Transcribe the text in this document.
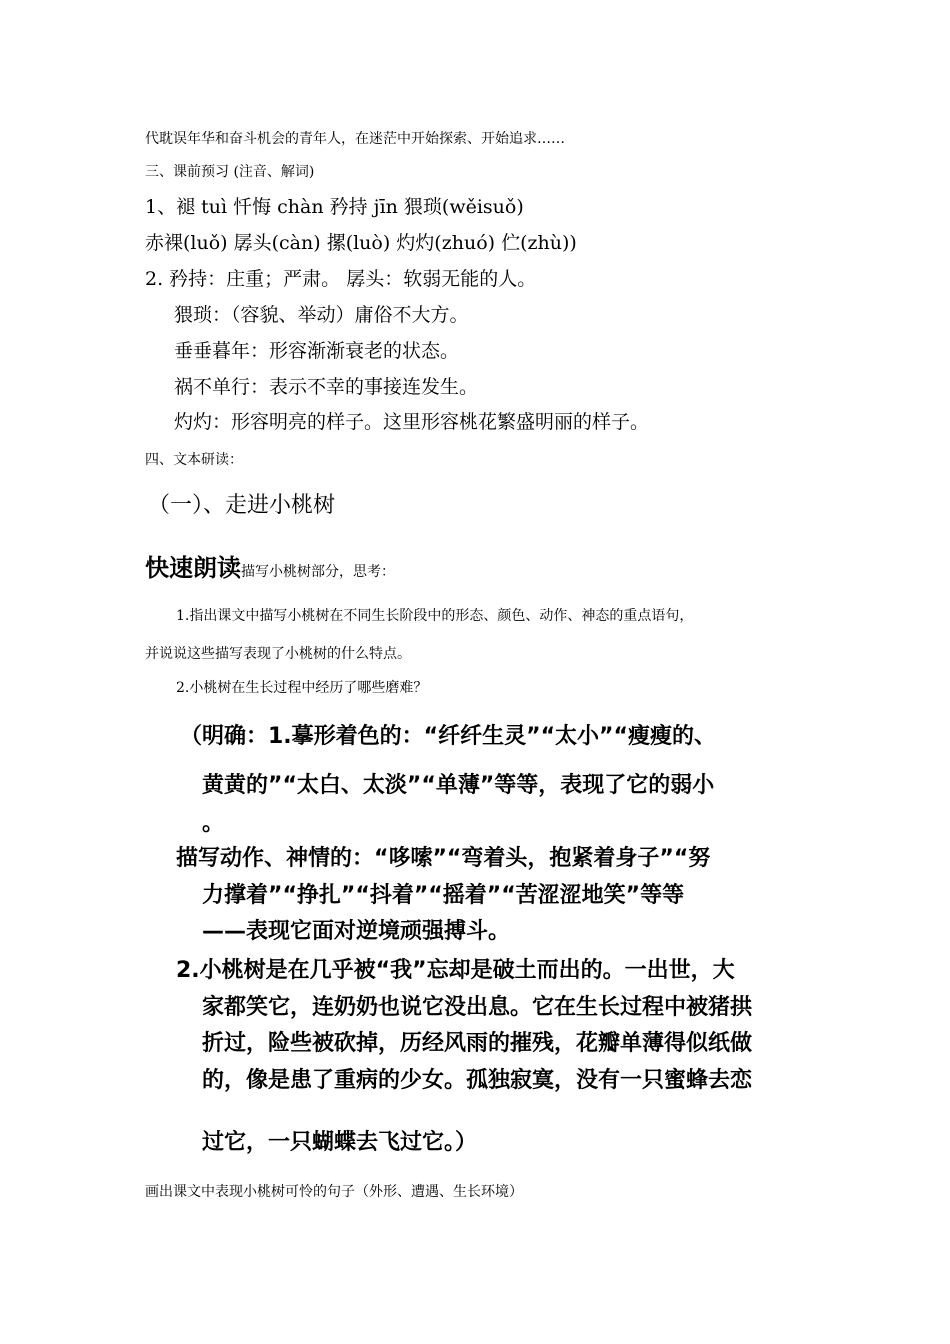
代耽误年华和奋斗机会的青年人，在迷茫中开始探索、开始追求……

三、课前预习 (注音、解词)

1、褪 tuì 忏悔 chàn 矜持 jīn 猥琐(wěisuǒ)

赤裸(luǒ) 孱头(càn) 摞(luò) 灼灼(zhuó) 伫(zhù))

2. 矜持：庄重；严肃。 孱头：软弱无能的人。

猥琐：（容貌、举动）庸俗不大方。

垂垂暮年：形容渐渐衰老的状态。

祸不单行：表示不幸的事接连发生。

灼灼：形容明亮的样子。这里形容桃花繁盛明丽的样子。

四、文本研读：

（一）、走进小桃树

快速朗读描写小桃树部分，思考：

1.指出课文中描写小桃树在不同生长阶段中的形态、颜色、动作、神态的重点语句，

并说说这些描写表现了小桃树的什么特点。

2.小桃树在生长过程中经历了哪些磨难？

（明确：1.摹形着色的：“纤纤生灵”“太小”“瘦瘦的、

黄黄的”“太白、太淡”“单薄”等等，表现了它的弱小

。

描写动作、神情的：“哆嗦”“弯着头，抱紧着身子”“努

力撑着”“挣扎”“抖着”“摇着”“苦涩涩地笑”等等

——表现它面对逆境顽强搏斗。

2.小桃树是在几乎被“我”忘却是破土而出的。一出世，大

家都笑它，连奶奶也说它没出息。它在生长过程中被猪拱

折过，险些被砍掉，历经风雨的摧残，花瓣单薄得似纸做

的，像是患了重病的少女。孤独寂寞，没有一只蜜蜂去恋

过它，一只蝴蝶去飞过它。）

画出课文中表现小桃树可怜的句子（外形、遭遇、生长环境）
